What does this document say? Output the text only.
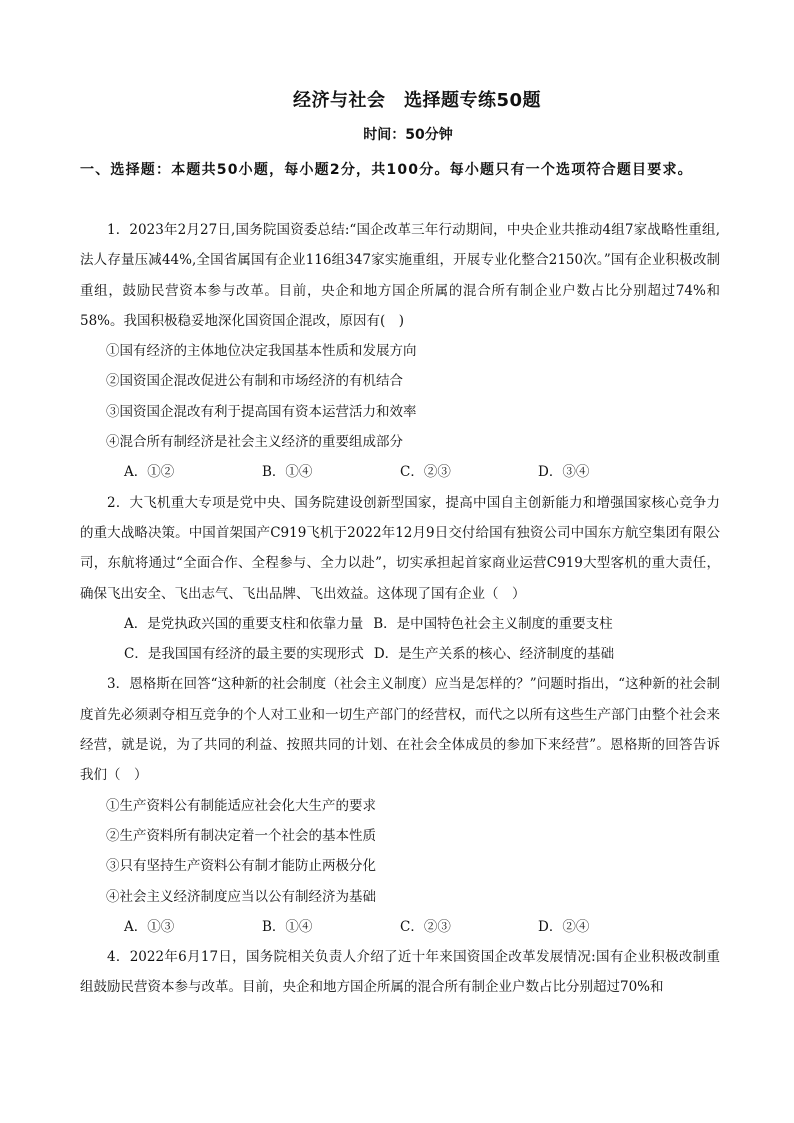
经济与社会　选择题专练50题
时间：50分钟
一、选择题：本题共50小题，每小题2分，共100分。每小题只有一个选项符合题目要求。

1．2023年2月27日,国务院国资委总结:“国企改革三年行动期间，中央企业共推动4组7家战略性重组,法人存量压减44%,全国省属国有企业116组347家实施重组，开展专业化整合2150次。”国有企业积极改制重组，鼓励民营资本参与改革。目前，央企和地方国企所属的混合所有制企业户数占比分别超过74%和58%。我国积极稳妥地深化国资国企混改，原因有(　)

①国有经济的主体地位决定我国基本性质和发展方向

②国资国企混改促进公有制和市场经济的有机结合

③国资国企混改有利于提高国有资本运营活力和效率

④混合所有制经济是社会主义经济的重要组成部分

A．①②	B．①④	C．②③	D．③④

2．大飞机重大专项是党中央、国务院建设创新型国家，提高中国自主创新能力和增强国家核心竞争力的重大战略决策。中国首架国产C919飞机于2022年12月9日交付给国有独资公司中国东方航空集团有限公司，东航将通过“全面合作、全程参与、全力以赴”，切实承担起首家商业运营C919大型客机的重大责任，确保飞出安全、飞出志气、飞出品牌、飞出效益。这体现了国有企业（　）

A．是党执政兴国的重要支柱和依靠力量 B．是中国特色社会主义制度的重要支柱
C．是我国国有经济的最主要的实现形式 D．是生产关系的核心、经济制度的基础

3．恩格斯在回答“这种新的社会制度（社会主义制度）应当是怎样的？”问题时指出，“这种新的社会制度首先必须剥夺相互竞争的个人对工业和一切生产部门的经营权，而代之以所有这些生产部门由整个社会来经营，就是说，为了共同的利益、按照共同的计划、在社会全体成员的参加下来经营”。恩格斯的回答告诉我们（　）

①生产资料公有制能适应社会化大生产的要求

②生产资料所有制决定着一个社会的基本性质

③只有坚持生产资料公有制才能防止两极分化

④社会主义经济制度应当以公有制经济为基础

A．①③	B．①④	C．②③	D．②④

4．2022年6月17日，国务院相关负责人介绍了近十年来国资国企改革发展情况:国有企业积极改制重组鼓励民营资本参与改革。目前，央企和地方国企所属的混合所有制企业户数占比分别超过70%和
